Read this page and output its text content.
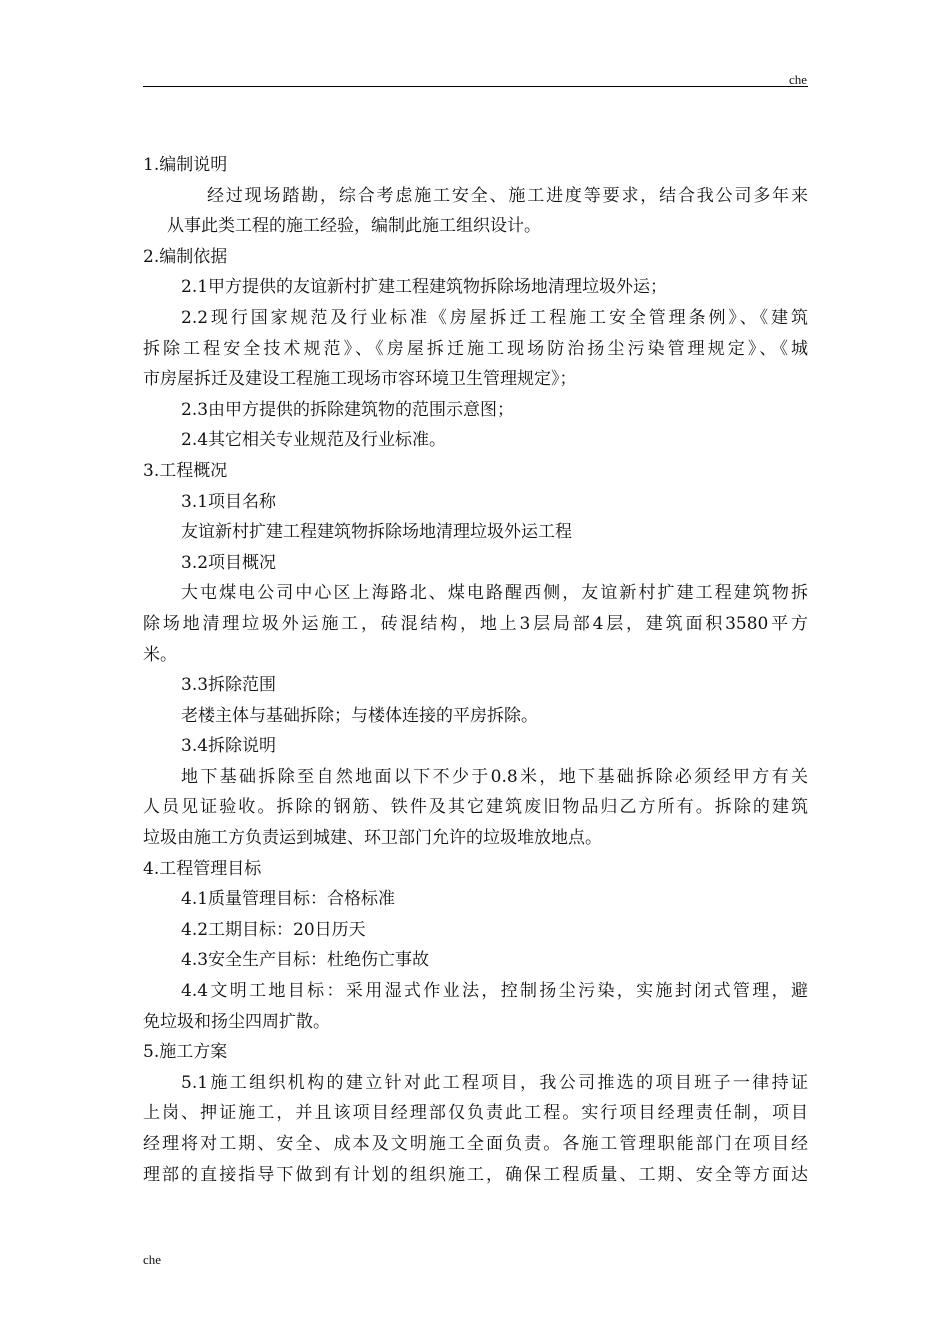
che
1.编制说明
经过现场踏勘，综合考虑施工安全、施工进度等要求，结合我公司多年来
从事此类工程的施工经验，编制此施工组织设计。
2.编制依据
2.1甲方提供的友谊新村扩建工程建筑物拆除场地清理垃圾外运；
2.2现行国家规范及行业标准《房屋拆迁工程施工安全管理条例》、《建筑
拆除工程安全技术规范》、《房屋拆迁施工现场防治扬尘污染管理规定》、《城
市房屋拆迁及建设工程施工现场市容环境卫生管理规定》；
2.3由甲方提供的拆除建筑物的范围示意图；
2.4其它相关专业规范及行业标准。
3.工程概况
3.1项目名称
友谊新村扩建工程建筑物拆除场地清理垃圾外运工程
3.2项目概况
大屯煤电公司中心区上海路北、煤电路醒西侧，友谊新村扩建工程建筑物拆
除场地清理垃圾外运施工，砖混结构，地上3层局部4层，建筑面积3580平方
米。
3.3拆除范围
老楼主体与基础拆除；与楼体连接的平房拆除。
3.4拆除说明
地下基础拆除至自然地面以下不少于0.8米，地下基础拆除必须经甲方有关
人员见证验收。拆除的钢筋、铁件及其它建筑废旧物品归乙方所有。拆除的建筑
垃圾由施工方负责运到城建、环卫部门允许的垃圾堆放地点。
4.工程管理目标
4.1质量管理目标：合格标准
4.2工期目标：20日历天
4.3安全生产目标：杜绝伤亡事故
4.4文明工地目标：采用湿式作业法，控制扬尘污染，实施封闭式管理，避
免垃圾和扬尘四周扩散。
5.施工方案
5.1施工组织机构的建立针对此工程项目，我公司推选的项目班子一律持证
上岗、押证施工，并且该项目经理部仅负责此工程。实行项目经理责任制，项目
经理将对工期、安全、成本及文明施工全面负责。各施工管理职能部门在项目经
理部的直接指导下做到有计划的组织施工，确保工程质量、工期、安全等方面达
che
